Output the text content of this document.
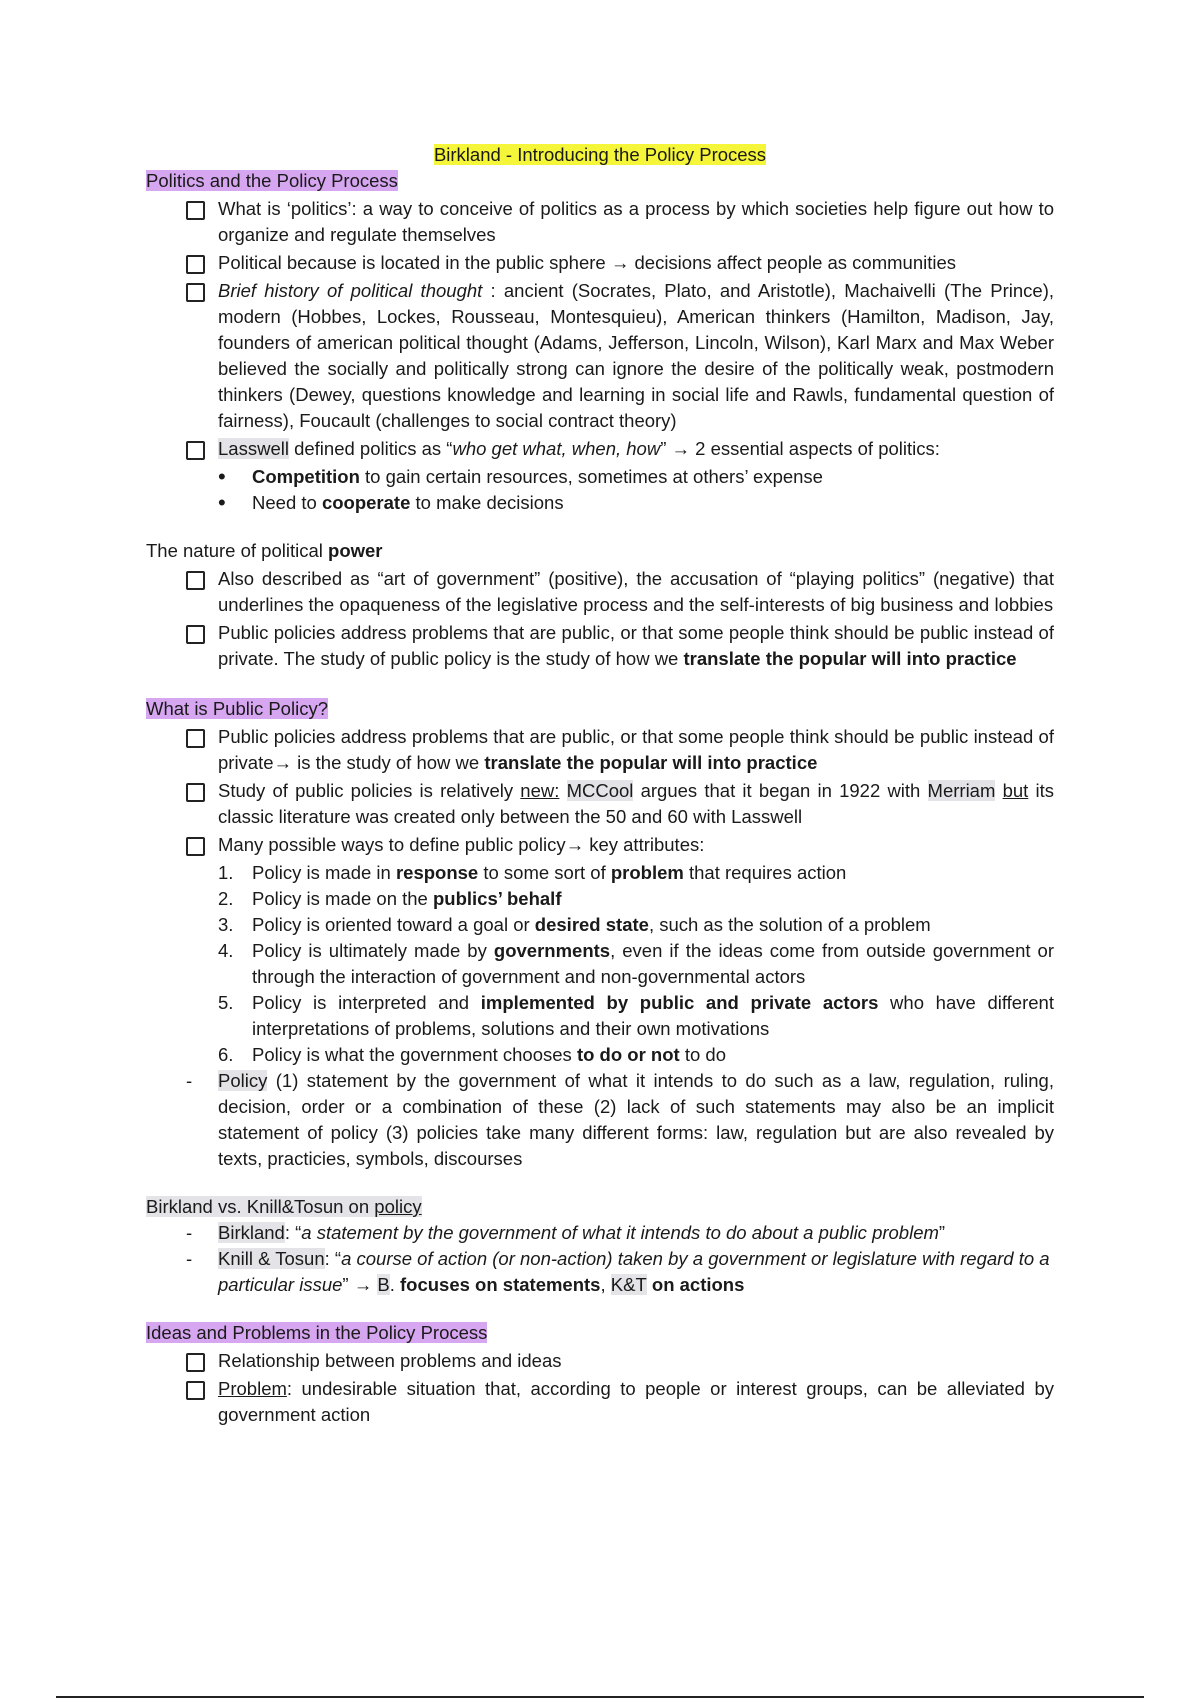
Birkland - Introducing the Policy Process
Politics and the Policy Process
What is ‘politics’: a way to conceive of politics as a process by which societies help figure out how to organize and regulate themselves
Political because is located in the public sphere → decisions affect people as communities
Brief history of political thought : ancient (Socrates, Plato, and Aristotle), Machaivelli (The Prince), modern (Hobbes, Lockes, Rousseau, Montesquieu), American thinkers (Hamilton, Madison, Jay, founders of american political thought (Adams, Jefferson, Lincoln, Wilson), Karl Marx and Max Weber believed the socially and politically strong can ignore the desire of the politically weak, postmodern thinkers (Dewey, questions knowledge and learning in social life and Rawls, fundamental question of fairness), Foucault (challenges to social contract theory)
Lasswell defined politics as “who get what, when, how” → 2 essential aspects of politics:
• Competition to gain certain resources, sometimes at others’ expense
• Need to cooperate to make decisions
The nature of political power
Also described as “art of government” (positive), the accusation of “playing politics” (negative) that underlines the opaqueness of the legislative process and the self-interests of big business and lobbies
Public policies address problems that are public, or that some people think should be public instead of private. The study of public policy is the study of how we translate the popular will into practice
What is Public Policy?
Public policies address problems that are public, or that some people think should be public instead of private→ is the study of how we translate the popular will into practice
Study of public policies is relatively new: MCCool argues that it began in 1922 with Merriam but its classic literature was created only between the 50 and 60 with Lasswell
Many possible ways to define public policy→ key attributes:
1. Policy is made in response to some sort of problem that requires action
2. Policy is made on the publics’ behalf
3. Policy is oriented toward a goal or desired state, such as the solution of a problem
4. Policy is ultimately made by governments, even if the ideas come from outside government or through the interaction of government and non-governmental actors
5. Policy is interpreted and implemented by public and private actors who have different interpretations of problems, solutions and their own motivations
6. Policy is what the government chooses to do or not to do
- Policy (1) statement by the government of what it intends to do such as a law, regulation, ruling, decision, order or a combination of these (2) lack of such statements may also be an implicit statement of policy (3) policies take many different forms: law, regulation but are also revealed by texts, practicies, symbols, discourses
Birkland vs. Knill&Tosun on policy
- Birkland: “a statement by the government of what it intends to do about a public problem”
- Knill & Tosun: “a course of action (or non-action) taken by a government or legislature with regard to a particular issue” → B. focuses on statements, K&T on actions
Ideas and Problems in the Policy Process
Relationship between problems and ideas
Problem: undesirable situation that, according to people or interest groups, can be alleviated by government action
